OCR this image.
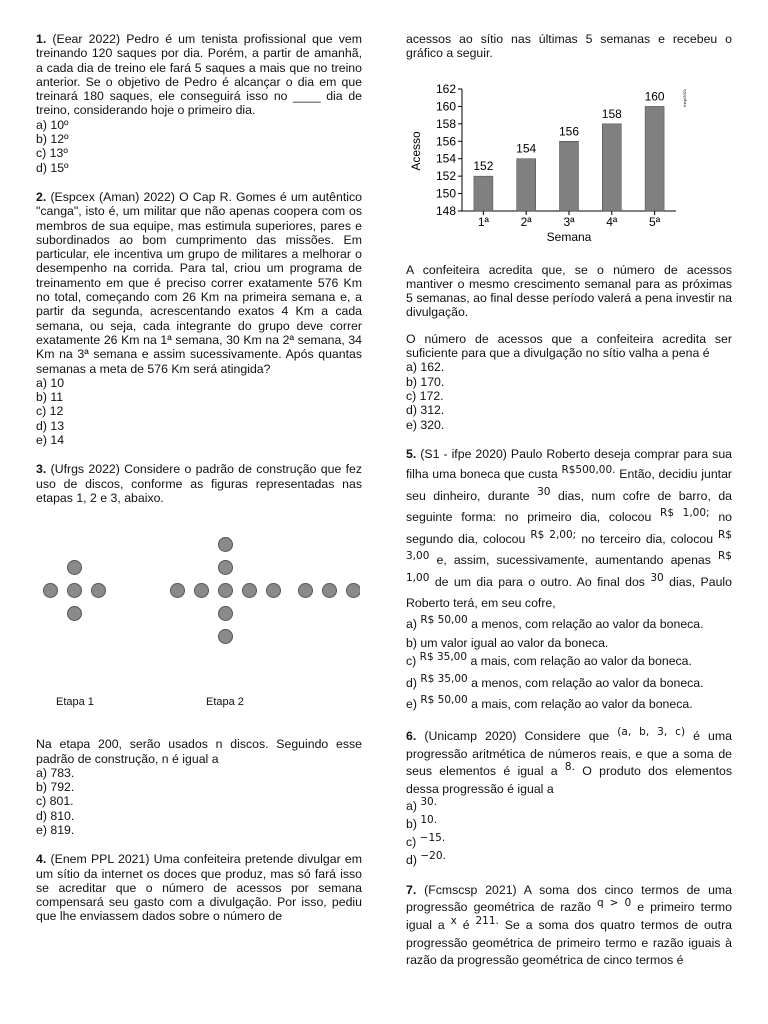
1. (Eear 2022) Pedro é um tenista profissional que vem treinando 120 saques por dia. Porém, a partir de amanhã, a cada dia de treino ele fará 5 saques a mais que no treino anterior. Se o objetivo de Pedro é alcançar o dia em que treinará 180 saques, ele conseguirá isso no ____ dia de treino, considerando hoje o primeiro dia.
a) 10º
b) 12º
c) 13º
d) 15º
2. (Espcex (Aman) 2022) O Cap R. Gomes é um autêntico "canga", isto é, um militar que não apenas coopera com os membros de sua equipe, mas estimula superiores, pares e subordinados ao bom cumprimento das missões. Em particular, ele incentiva um grupo de militares a melhorar o desempenho na corrida. Para tal, criou um programa de treinamento em que é preciso correr exatamente 576 Km no total, começando com 26 Km na primeira semana e, a partir da segunda, acrescentando exatos 4 Km a cada semana, ou seja, cada integrante do grupo deve correr exatamente 26 Km na 1ª semana, 30 Km na 2ª semana, 34 Km na 3ª semana e assim sucessivamente. Após quantas semanas a meta de 576 Km será atingida?
a) 10
b) 11
c) 12
d) 13
e) 14
3. (Ufrgs 2022) Considere o padrão de construção que fez uso de discos, conforme as figuras representadas nas etapas 1, 2 e 3, abaixo.
Etapa 1	Etapa 2
Na etapa 200, serão usados n discos. Seguindo esse padrão de construção, n é igual a
a) 783.
b) 792.
c) 801.
d) 810.
e) 819.
4. (Enem PPL 2021) Uma confeiteira pretende divulgar em um sítio da internet os doces que produz, mas só fará isso se acreditar que o número de acessos por semana compensará seu gasto com a divulgação. Por isso, pediu que lhe enviassem dados sobre o número de
acessos ao sítio nas últimas 5 semanas e recebeu o gráfico a seguir.
148
150
152
154
156
158
160
162
152
154
156
158
160
1ª	2ª	3ª	4ª	5ª
Acesso
Semana
Inep/2021
A confeiteira acredita que, se o número de acessos mantiver o mesmo crescimento semanal para as próximas 5 semanas, ao final desse período valerá a pena investir na divulgação.
O número de acessos que a confeiteira acredita ser suficiente para que a divulgação no sítio valha a pena é
a) 162.
b) 170.
c) 172.
d) 312.
e) 320.
5. (S1 - ifpe 2020) Paulo Roberto deseja comprar para sua filha uma boneca que custa R$500,00. Então, decidiu juntar seu dinheiro, durante 30 dias, num cofre de barro, da seguinte forma: no primeiro dia, colocou R$ 1,00; no segundo dia, colocou R$ 2,00; no terceiro dia, colocou R$ 3,00 e, assim, sucessivamente, aumentando apenas R$ 1,00 de um dia para o outro. Ao final dos 30 dias, Paulo Roberto terá, em seu cofre,
a) R$ 50,00 a menos, com relação ao valor da boneca.
b) um valor igual ao valor da boneca.
c) R$ 35,00 a mais, com relação ao valor da boneca.
d) R$ 35,00 a menos, com relação ao valor da boneca.
e) R$ 50,00 a mais, com relação ao valor da boneca.
6. (Unicamp 2020) Considere que (a, b, 3, c) é uma progressão aritmética de números reais, e que a soma de seus elementos é igual a 8. O produto dos elementos dessa progressão é igual a
a) 30.
b) 10.
c) −15.
d) −20.
7. (Fcmscsp 2021) A soma dos cinco termos de uma progressão geométrica de razão q > 0 e primeiro termo igual a x é 211. Se a soma dos quatro termos de outra progressão geométrica de primeiro termo e razão iguais à razão da progressão geométrica de cinco termos é
